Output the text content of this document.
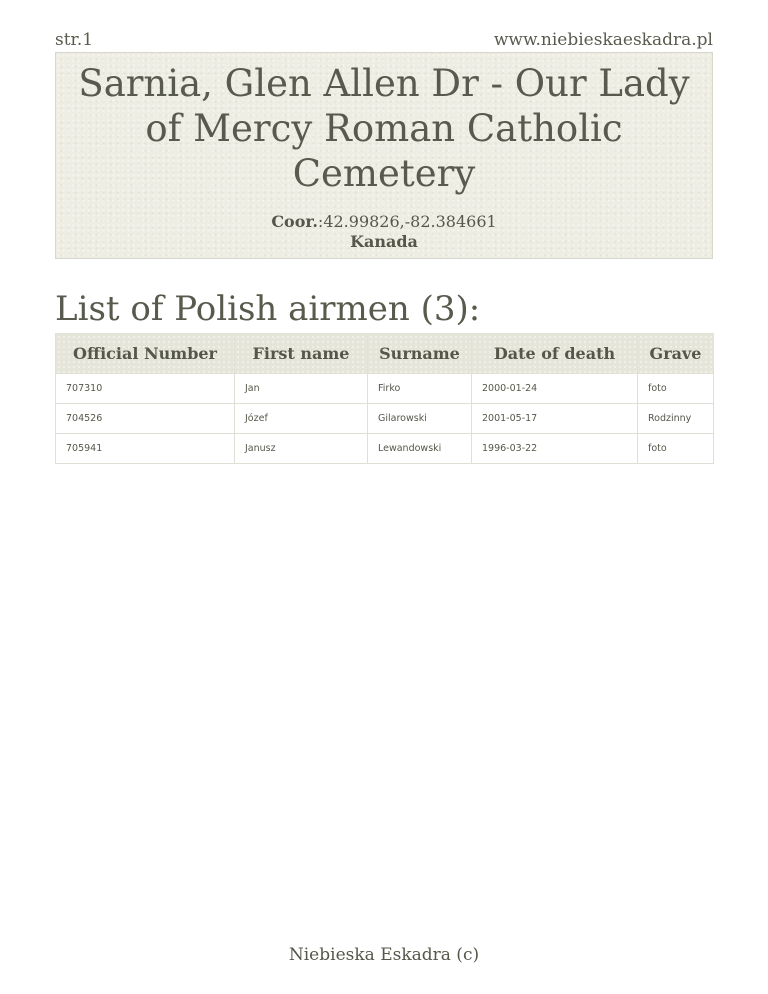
str.1	www.niebieskaeskadra.pl
Sarnia, Glen Allen Dr - Our Lady of Mercy Roman Catholic Cemetery
Coor.:42.99826,-82.384661
Kanada
List of Polish airmen (3):
Official Number	First name	Surname	Date of death	Grave
707310	Jan	Firko	2000-01-24	foto
704526	Józef	Gilarowski	2001-05-17	Rodzinny
705941	Janusz	Lewandowski	1996-03-22	foto
Niebieska Eskadra (c)
